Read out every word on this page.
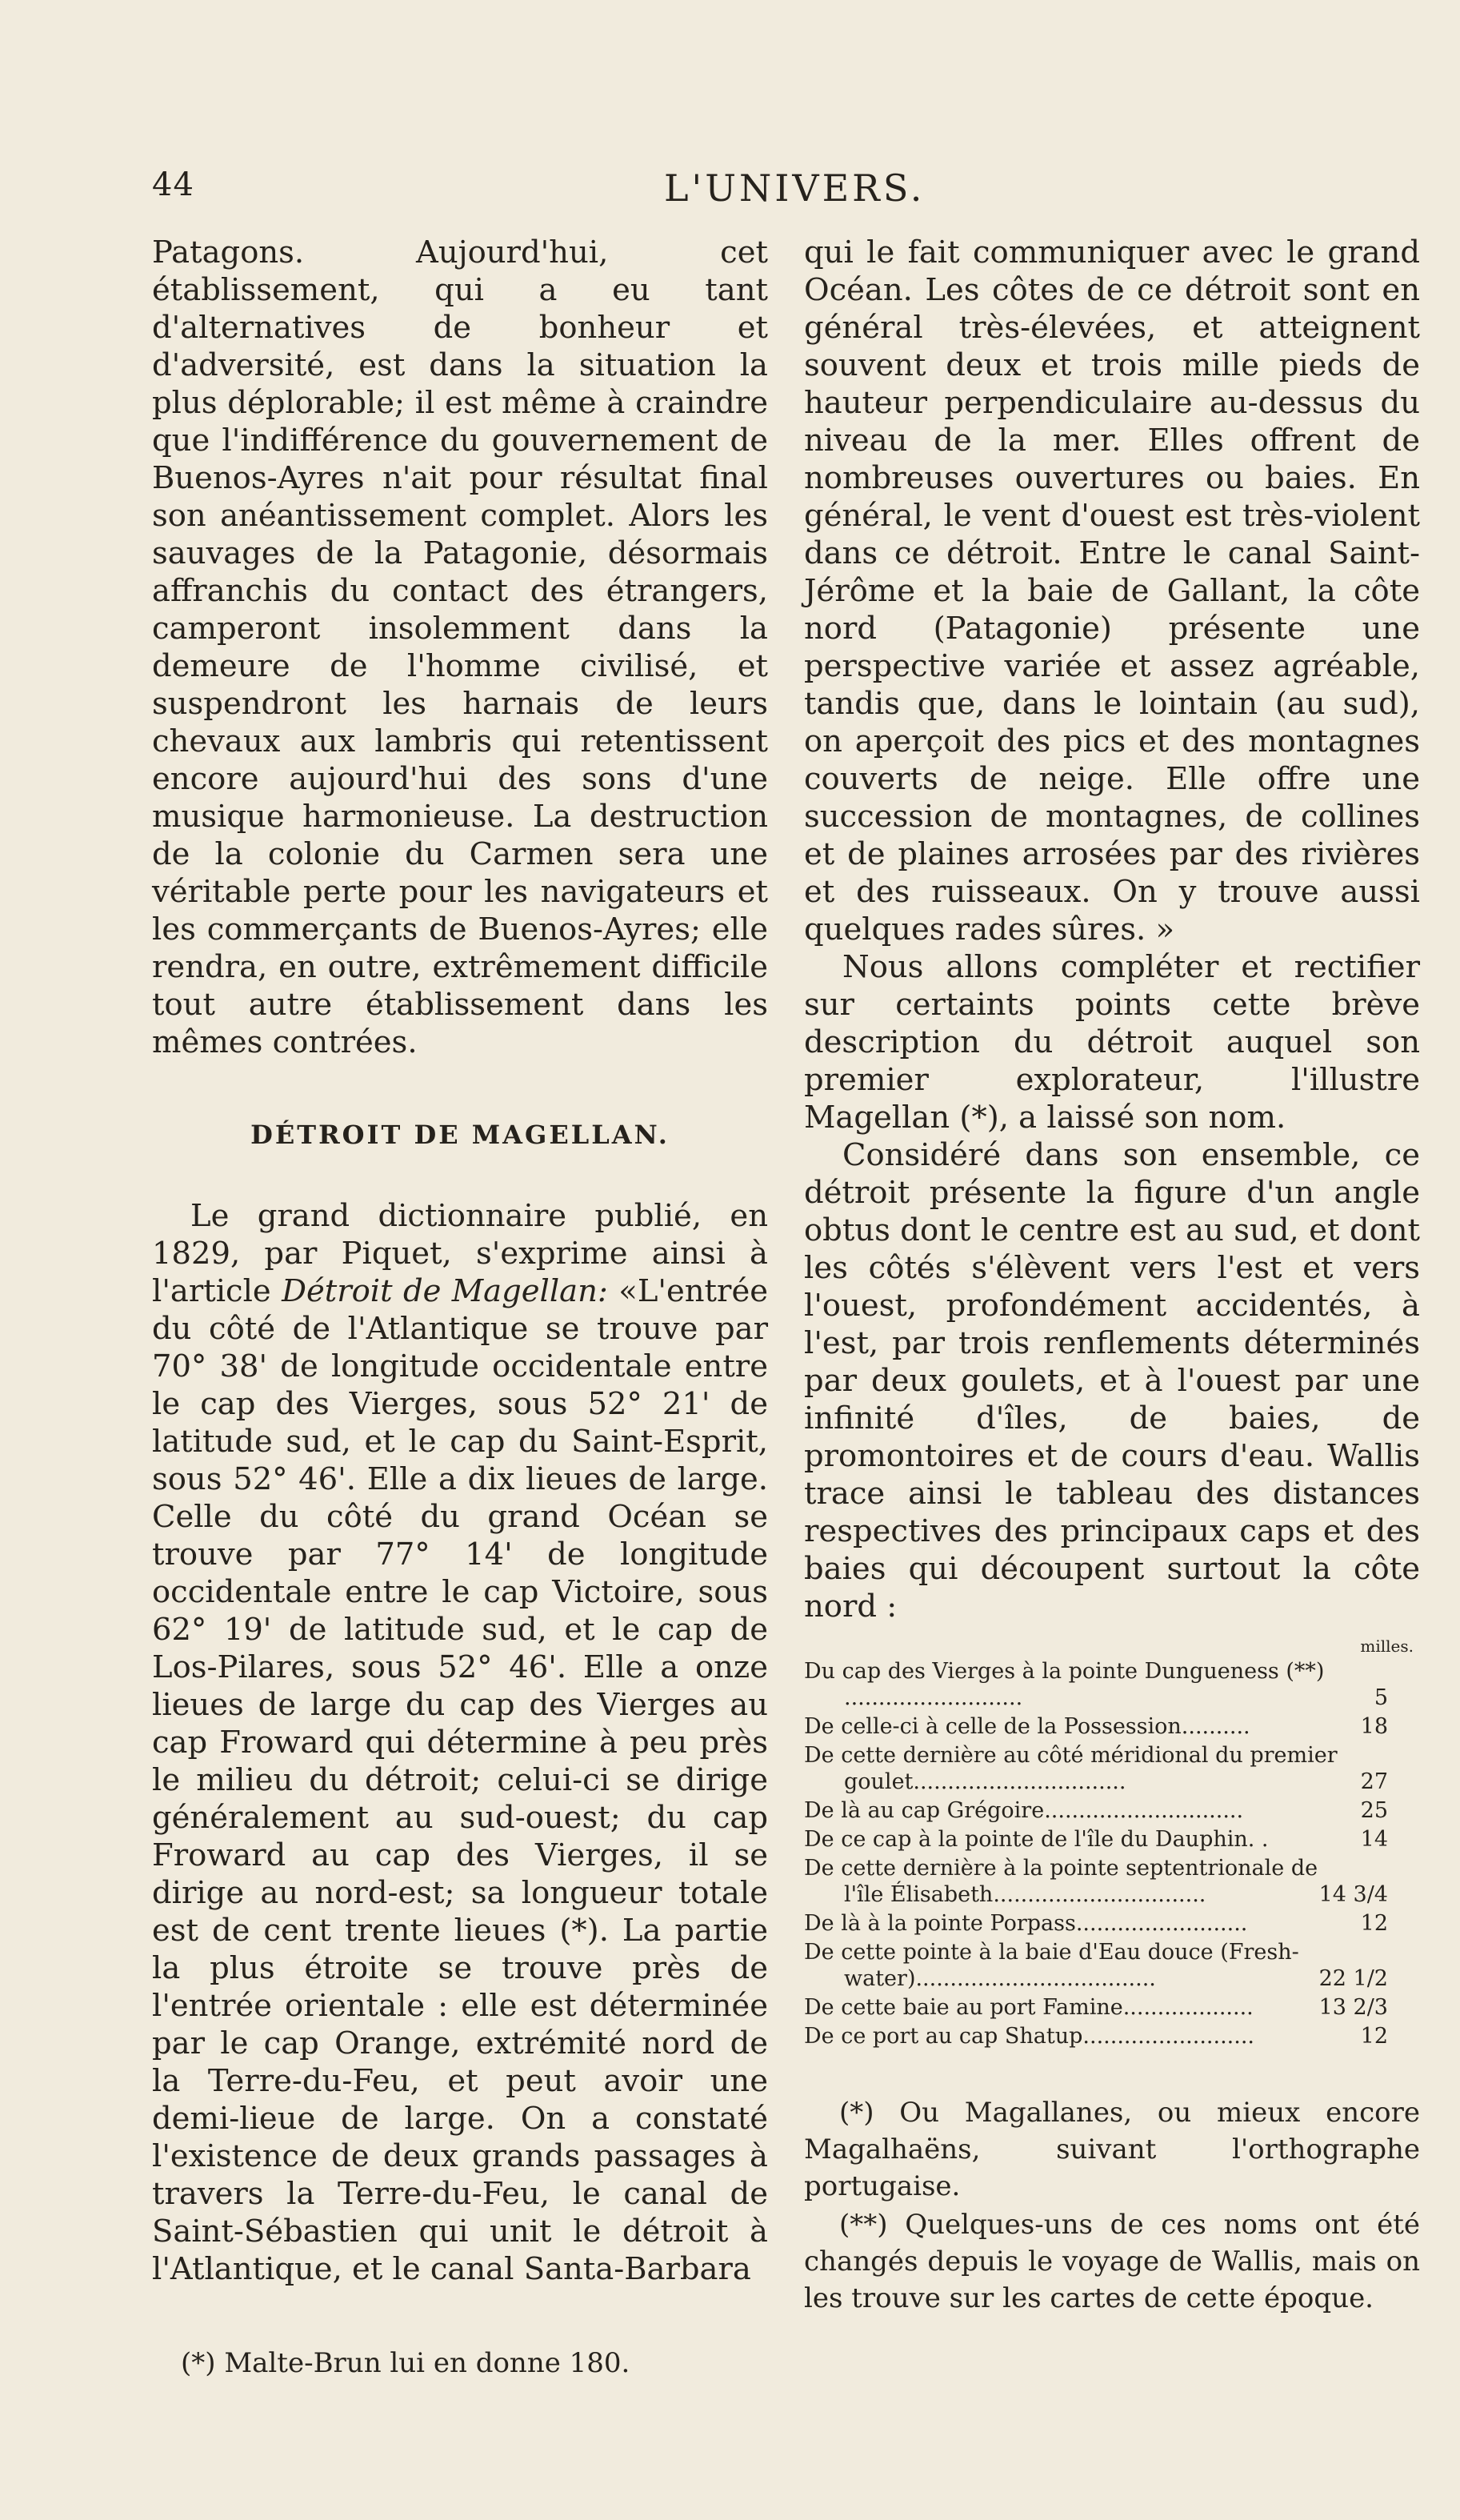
44	L'UNIVERS.

Patagons. Aujourd'hui, cet établissement, qui a eu tant d'alternatives de bonheur et d'adversité, est dans la situation la plus déplorable; il est même à craindre que l'indifférence du gouvernement de Buenos-Ayres n'ait pour résultat final son anéantissement complet. Alors les sauvages de la Patagonie, désormais affranchis du contact des étrangers, camperont insolemment dans la demeure de l'homme civilisé, et suspendront les harnais de leurs chevaux aux lambris qui retentissent encore aujourd'hui des sons d'une musique harmonieuse. La destruction de la colonie du Carmen sera une véritable perte pour les navigateurs et les commerçants de Buenos-Ayres; elle rendra, en outre, extrêmement difficile tout autre établissement dans les mêmes contrées.

DÉTROIT DE MAGELLAN.

Le grand dictionnaire publié, en 1829, par Piquet, s'exprime ainsi à l'article Détroit de Magellan: «L'entrée du côté de l'Atlantique se trouve par 70° 38' de longitude occidentale entre le cap des Vierges, sous 52° 21' de latitude sud, et le cap du Saint-Esprit, sous 52° 46'. Elle a dix lieues de large. Celle du côté du grand Océan se trouve par 77° 14' de longitude occidentale entre le cap Victoire, sous 62° 19' de latitude sud, et le cap de Los-Pilares, sous 52° 46'. Elle a onze lieues de large du cap des Vierges au cap Froward qui détermine à peu près le milieu du détroit; celui-ci se dirige généralement au sud-ouest; du cap Froward au cap des Vierges, il se dirige au nord-est; sa longueur totale est de cent trente lieues (*). La partie la plus étroite se trouve près de l'entrée orientale : elle est déterminée par le cap Orange, extrémité nord de la Terre-du-Feu, et peut avoir une demi-lieue de large. On a constaté l'existence de deux grands passages à travers la Terre-du-Feu, le canal de Saint-Sébastien qui unit le détroit à l'Atlantique, et le canal Santa-Barbara

(*) Malte-Brun lui en donne 180.

qui le fait communiquer avec le grand Océan. Les côtes de ce détroit sont en général très-élevées, et atteignent souvent deux et trois mille pieds de hauteur perpendiculaire au-dessus du niveau de la mer. Elles offrent de nombreuses ouvertures ou baies. En général, le vent d'ouest est très-violent dans ce détroit. Entre le canal Saint-Jérôme et la baie de Gallant, la côte nord (Patagonie) présente une perspective variée et assez agréable, tandis que, dans le lointain (au sud), on aperçoit des pics et des montagnes couverts de neige. Elle offre une succession de montagnes, de collines et de plaines arrosées par des rivières et des ruisseaux. On y trouve aussi quelques rades sûres. »

Nous allons compléter et rectifier sur certaints points cette brève description du détroit auquel son premier explorateur, l'illustre Magellan (*), a laissé son nom.

Considéré dans son ensemble, ce détroit présente la figure d'un angle obtus dont le centre est au sud, et dont les côtés s'élèvent vers l'est et vers l'ouest, profondément accidentés, à l'est, par trois renflements déterminés par deux goulets, et à l'ouest par une infinité d'îles, de baies, de promontoires et de cours d'eau. Wallis trace ainsi le tableau des distances respectives des principaux caps et des baies qui découpent surtout la côte nord :

milles.
Du cap des Vierges à la pointe Dungueness (**) ..........................	5
De celle-ci à celle de la Possession..........	18
De cette dernière au côté méridional du premier goulet...............................	27
De là au cap Grégoire.............................	25
De ce cap à la pointe de l'île du Dauphin. .	14
De cette dernière à la pointe septentrionale de l'île Élisabeth...............................	14 3/4
De là à la pointe Porpass.........................	12
De cette pointe à la baie d'Eau douce (Fresh-water)...................................	22 1/2
De cette baie au port Famine...................	13 2/3
De ce port au cap Shatup.........................	12

(*) Ou Magallanes, ou mieux encore Magalhaëns, suivant l'orthographe portugaise.

(**) Quelques-uns de ces noms ont été changés depuis le voyage de Wallis, mais on les trouve sur les cartes de cette époque.
